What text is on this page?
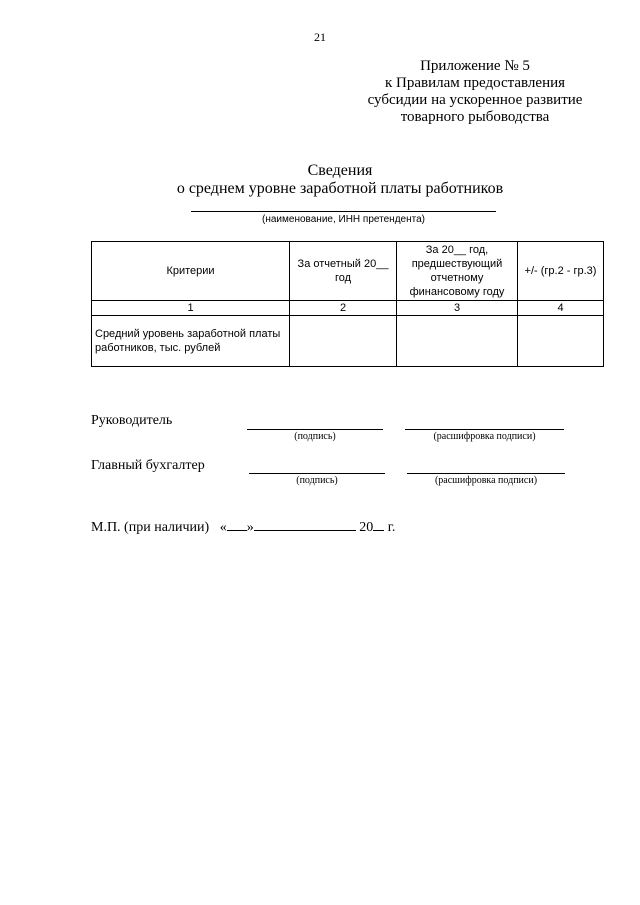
21
Приложение № 5
к Правилам предоставления
субсидии на ускоренное развитие
товарного рыбоводства
Сведения
о среднем уровне заработной платы работников
(наименование, ИНН претендента)
Критерии	За отчетный 20__ год	За 20__ год, предшествующий отчетному финансовому году	+/- (гр.2 - гр.3)
1	2	3	4
Средний уровень заработной платы работников, тыс. рублей			
Руководитель
(подпись)	(расшифровка подписи)
Главный бухгалтер
(подпись)	(расшифровка подписи)
М.П. (при наличии) « »	20 г.
